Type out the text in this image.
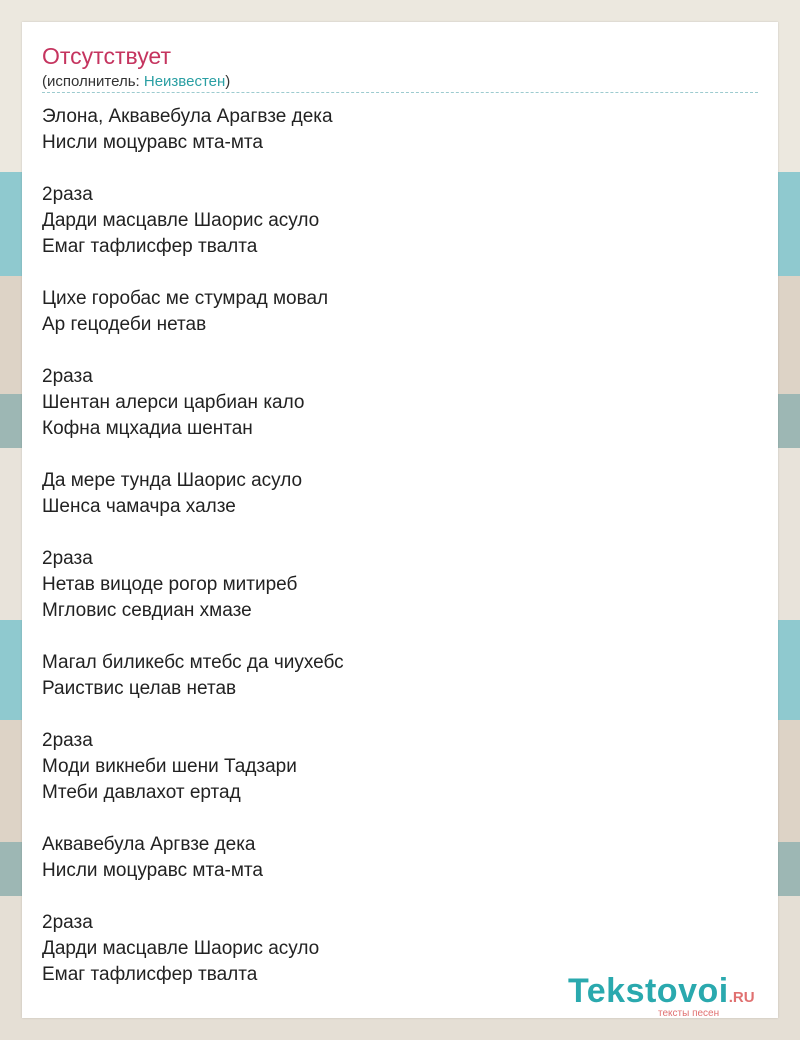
Отсутствует
(исполнитель: Неизвестен)
Элона, Аквавебула Арагвзе дека
Нисли моцуравс мта-мта
2раза
Дарди масцавле Шаорис асуло
Емаг тафлисфер твалта
Цихе горобас ме стумрад мовал
Ар гецодеби нетав
2раза
Шентан алерси царбиан кало
Кофна мцхадиа шентан
Да мере тунда Шаорис асуло
Шенса чамачра халзе
2раза
Нетав вицоде рогор митиреб
Мгловис севдиан хмазе
Магал биликебс мтебс да чиухебс
Раиствис целав нетав
2раза
Моди викнеби шени Тадзари
Мтеби давлахот ертад
Аквавебула Аргвзе дека
Нисли моцуравс мта-мта
2раза
Дарди масцавле Шаорис асуло
Емаг тафлисфер твалта	Tekstovoi.RU
тексты песен
